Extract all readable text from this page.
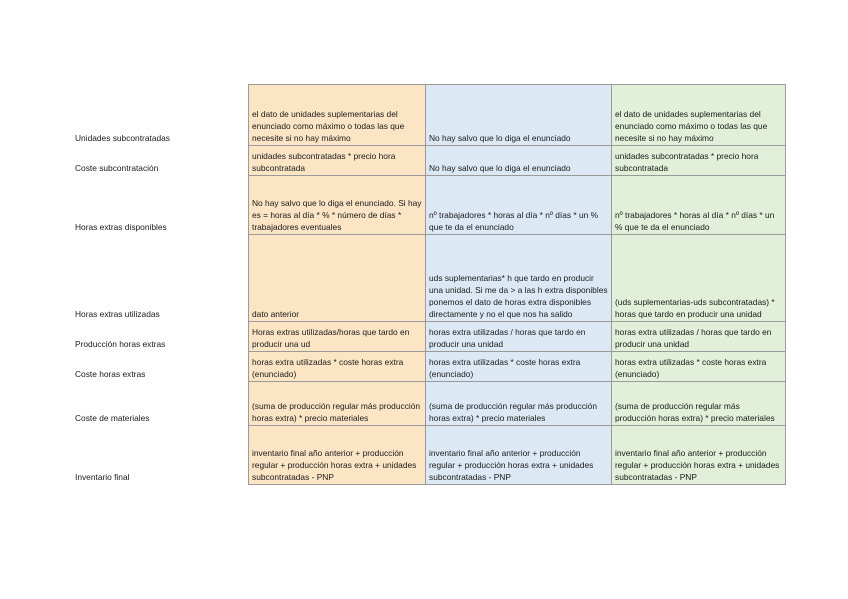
Unidades subcontratadas	el dato de unidades suplementarias del enunciado como máximo o todas las que necesite si no hay máximo	No hay salvo que lo diga el enunciado	el dato de unidades suplementarias del enunciado como máximo o todas las que necesite si no hay máximo
Coste subcontratación	unidades subcontratadas * precio hora subcontratada	No hay salvo que lo diga el enunciado	unidades subcontratadas * precio hora subcontratada
Horas extras disponibles	No hay salvo que lo diga el enunciado. Si hay es = horas al día * % * número de días * trabajadores eventuales	nº trabajadores * horas al día * nº días * un % que te da el enunciado	nº trabajadores * horas al día * nº días * un % que te da el enunciado
Horas extras utilizadas	dato anterior	uds suplementarias* h que tardo en producir una unidad. Si me da > a las h extra disponibles ponemos el dato de horas extra disponibles directamente y no el que nos ha salido	(uds suplementarias-uds subcontratadas) * horas que tardo en producir una unidad
Producción horas extras	Horas extras utilizadas/horas que tardo en producir una ud	horas extra utilizadas / horas que tardo en producir una unidad	horas extra utilizadas / horas que tardo en producir una unidad
Coste horas extras	horas extra utilizadas * coste horas extra (enunciado)	horas extra utilizadas * coste horas extra (enunciado)	horas extra utilizadas * coste horas extra (enunciado)
Coste de materiales	(suma de producción regular más producción horas extra) * precio materiales	(suma de producción regular más producción horas extra) * precio materiales	(suma de producción regular más producción horas extra) * precio materiales
Inventario final	inventario final año anterior + producción regular + producción horas extra + unidades subcontratadas - PNP	inventario final año anterior + producción regular + producción horas extra + unidades subcontratadas - PNP	inventario final año anterior + producción regular + producción horas extra + unidades subcontratadas - PNP
